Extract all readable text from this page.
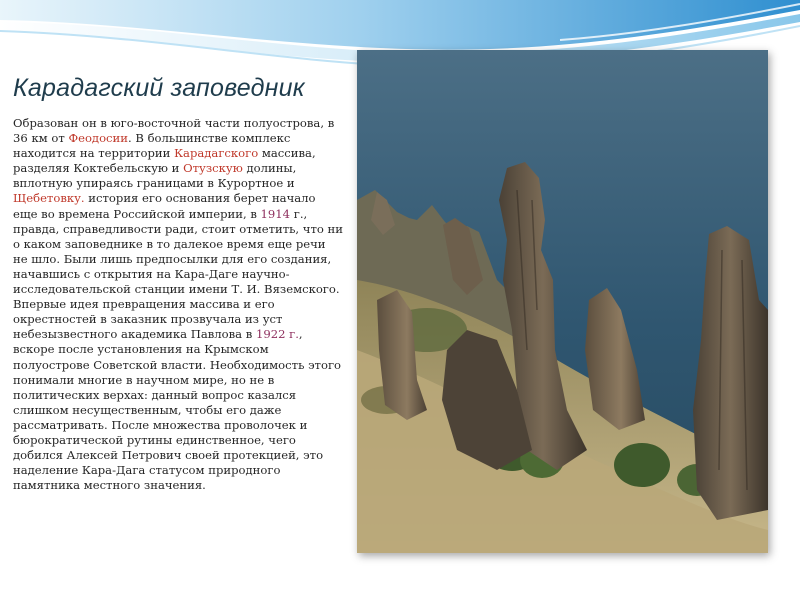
Карадагский заповедник

Образован он в юго-восточной части полуострова, в 36 км от Феодосии. В большинстве комплекс находится на территории Карадагского массива, разделяя Коктебельскую и Отузскую долины, вплотную упираясь границами в Курортное и Щебетовку. история его основания берет начало еще во времена Российской империи, в 1914 г., правда, справедливости ради, стоит отметить, что ни о каком заповеднике в то далекое время еще речи не шло. Были лишь предпосылки для его создания, начавшись с открытия на Кара-Даге научно-исследовательской станции имени Т. И. Вяземского. Впервые идея превращения массива и его окрестностей в заказник прозвучала из уст небезызвестного академика Павлова в 1922 г., вскоре после установления на Крымском полуострове Советской власти. Необходимость этого понимали многие в научном мире, но не в политических верхах: данный вопрос казался слишком несущественным, чтобы его даже рассматривать. После множества проволочек и бюрократической рутины единственное, чего добился Алексей Петрович своей протекцией, это наделение Кара-Дага статусом природного памятника местного значения.
